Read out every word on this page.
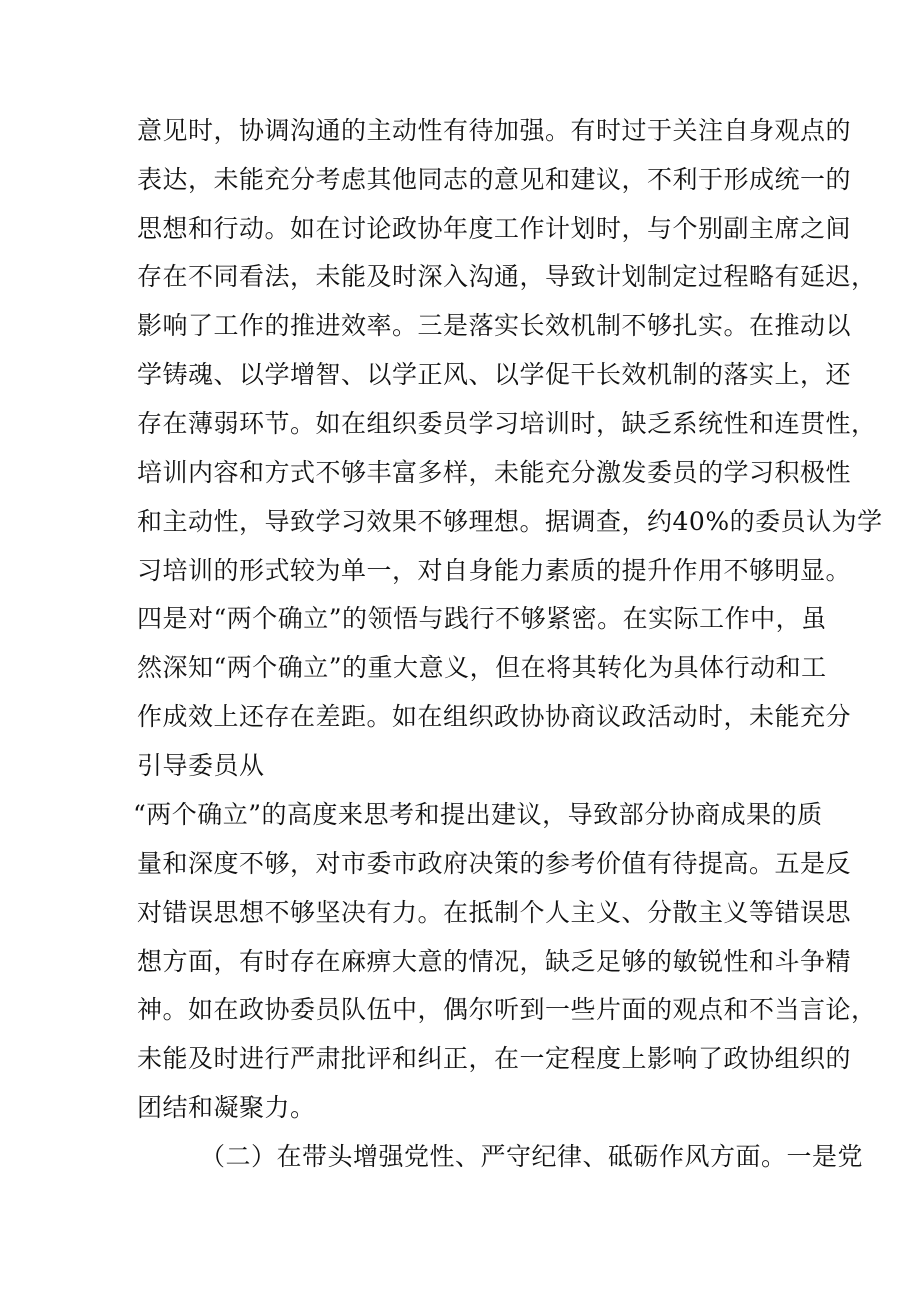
意见时，协调沟通的主动性有待加强。有时过于关注自身观点的
表达，未能充分考虑其他同志的意见和建议，不利于形成统一的
思想和行动。如在讨论政协年度工作计划时，与个别副主席之间
存在不同看法，未能及时深入沟通，导致计划制定过程略有延迟，
影响了工作的推进效率。三是落实长效机制不够扎实。在推动以
学铸魂、以学增智、以学正风、以学促干长效机制的落实上，还
存在薄弱环节。如在组织委员学习培训时，缺乏系统性和连贯性，
培训内容和方式不够丰富多样，未能充分激发委员的学习积极性
和主动性，导致学习效果不够理想。据调查，约40%的委员认为学
习培训的形式较为单一，对自身能力素质的提升作用不够明显。
四是对“两个确立”的领悟与践行不够紧密。在实际工作中，虽
然深知“两个确立”的重大意义，但在将其转化为具体行动和工
作成效上还存在差距。如在组织政协协商议政活动时，未能充分
引导委员从
“两个确立”的高度来思考和提出建议，导致部分协商成果的质
量和深度不够，对市委市政府决策的参考价值有待提高。五是反
对错误思想不够坚决有力。在抵制个人主义、分散主义等错误思
想方面，有时存在麻痹大意的情况，缺乏足够的敏锐性和斗争精
神。如在政协委员队伍中，偶尔听到一些片面的观点和不当言论，
未能及时进行严肃批评和纠正，在一定程度上影响了政协组织的
团结和凝聚力。
（二）在带头增强党性、严守纪律、砥砺作风方面。一是党
